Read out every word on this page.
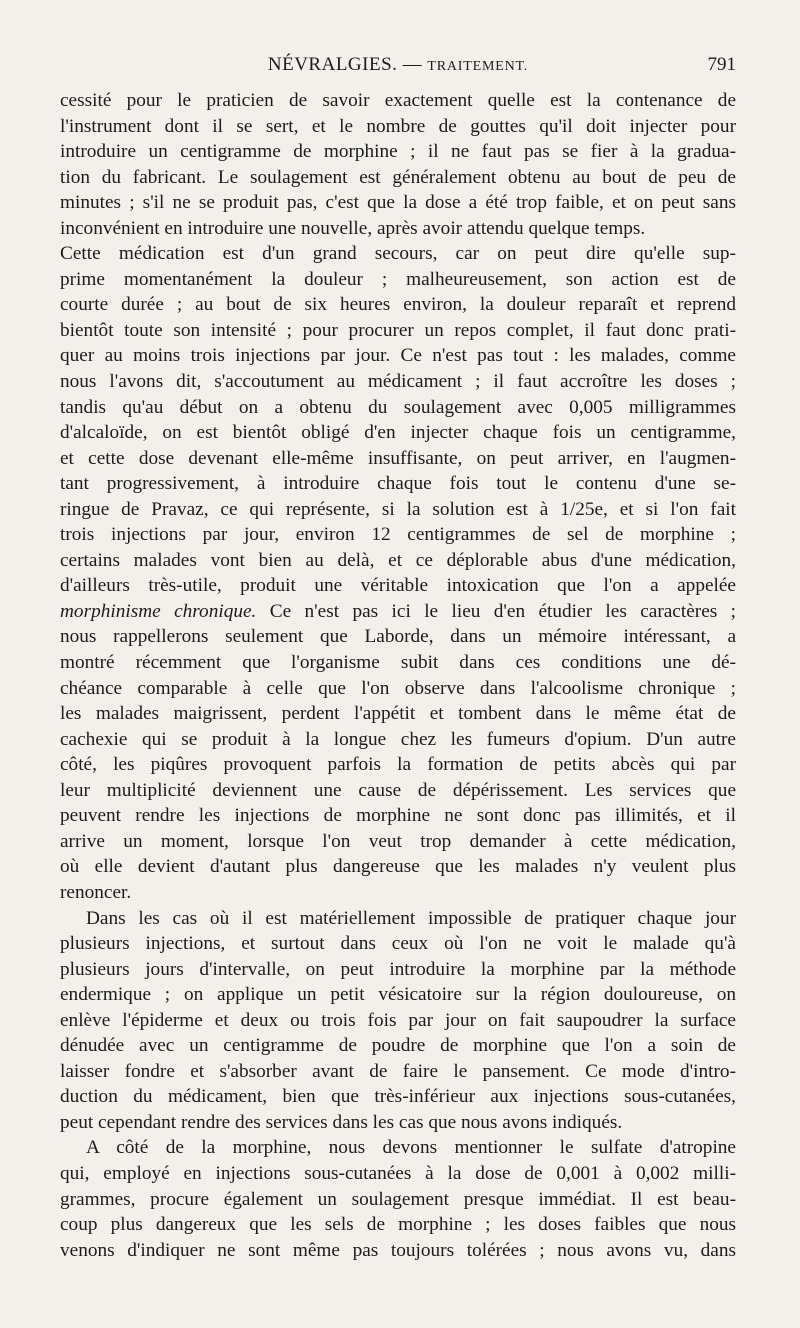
NÉVRALGIES. — TRAITEMENT.	791
cessité pour le praticien de savoir exactement quelle est la contenance de
l'instrument dont il se sert, et le nombre de gouttes qu'il doit injecter pour
introduire un centigramme de morphine ; il ne faut pas se fier à la gradua-
tion du fabricant. Le soulagement est généralement obtenu au bout de peu de
minutes ; s'il ne se produit pas, c'est que la dose a été trop faible, et on peut sans
inconvénient en introduire une nouvelle, après avoir attendu quelque temps.
Cette médication est d'un grand secours, car on peut dire qu'elle sup-
prime momentanément la douleur ; malheureusement, son action est de
courte durée ; au bout de six heures environ, la douleur reparaît et reprend
bientôt toute son intensité ; pour procurer un repos complet, il faut donc prati-
quer au moins trois injections par jour. Ce n'est pas tout : les malades, comme
nous l'avons dit, s'accoutument au médicament ; il faut accroître les doses ;
tandis qu'au début on a obtenu du soulagement avec 0,005 milligrammes
d'alcaloïde, on est bientôt obligé d'en injecter chaque fois un centigramme,
et cette dose devenant elle-même insuffisante, on peut arriver, en l'augmen-
tant progressivement, à introduire chaque fois tout le contenu d'une se-
ringue de Pravaz, ce qui représente, si la solution est à 1/25e, et si l'on fait
trois injections par jour, environ 12 centigrammes de sel de morphine ;
certains malades vont bien au delà, et ce déplorable abus d'une médication,
d'ailleurs très-utile, produit une véritable intoxication que l'on a appelée
morphinisme chronique. Ce n'est pas ici le lieu d'en étudier les caractères ;
nous rappellerons seulement que Laborde, dans un mémoire intéressant, a
montré récemment que l'organisme subit dans ces conditions une dé-
chéance comparable à celle que l'on observe dans l'alcoolisme chronique ;
les malades maigrissent, perdent l'appétit et tombent dans le même état de
cachexie qui se produit à la longue chez les fumeurs d'opium. D'un autre
côté, les piqûres provoquent parfois la formation de petits abcès qui par
leur multiplicité deviennent une cause de dépérissement. Les services que
peuvent rendre les injections de morphine ne sont donc pas illimités, et il
arrive un moment, lorsque l'on veut trop demander à cette médication,
où elle devient d'autant plus dangereuse que les malades n'y veulent plus
renoncer.
Dans les cas où il est matériellement impossible de pratiquer chaque jour
plusieurs injections, et surtout dans ceux où l'on ne voit le malade qu'à
plusieurs jours d'intervalle, on peut introduire la morphine par la méthode
endermique ; on applique un petit vésicatoire sur la région douloureuse, on
enlève l'épiderme et deux ou trois fois par jour on fait saupoudrer la surface
dénudée avec un centigramme de poudre de morphine que l'on a soin de
laisser fondre et s'absorber avant de faire le pansement. Ce mode d'intro-
duction du médicament, bien que très-inférieur aux injections sous-cutanées,
peut cependant rendre des services dans les cas que nous avons indiqués.
A côté de la morphine, nous devons mentionner le sulfate d'atropine
qui, employé en injections sous-cutanées à la dose de 0,001 à 0,002 milli-
grammes, procure également un soulagement presque immédiat. Il est beau-
coup plus dangereux que les sels de morphine ; les doses faibles que nous
venons d'indiquer ne sont même pas toujours tolérées ; nous avons vu, dans
